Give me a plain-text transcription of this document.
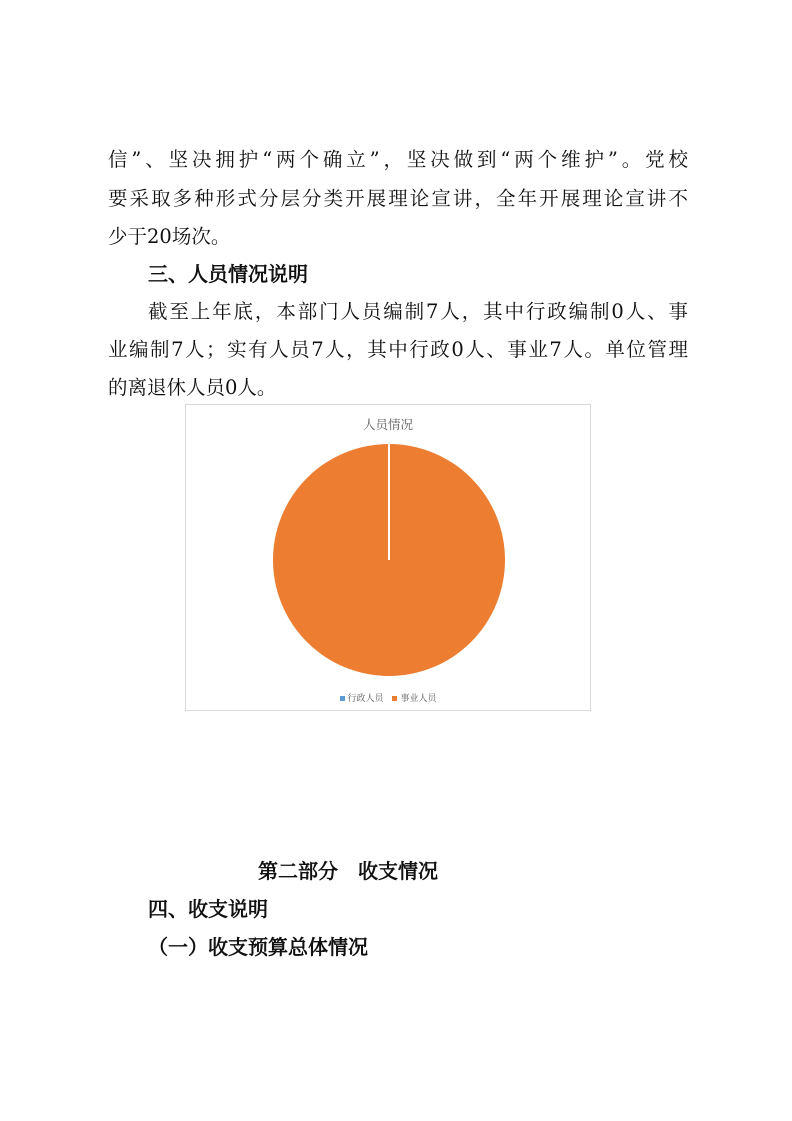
信”、坚决拥护“两个确立”，坚决做到“两个维护”。党校
要采取多种形式分层分类开展理论宣讲，全年开展理论宣讲不
少于20场次。
三、人员情况说明
截至上年底，本部门人员编制7人，其中行政编制0人、事
业编制7人；实有人员7人，其中行政0人、事业7人。单位管理
的离退休人员0人。
人员情况
行政人员 事业人员
第二部分　收支情况
四、收支说明
（一）收支预算总体情况
